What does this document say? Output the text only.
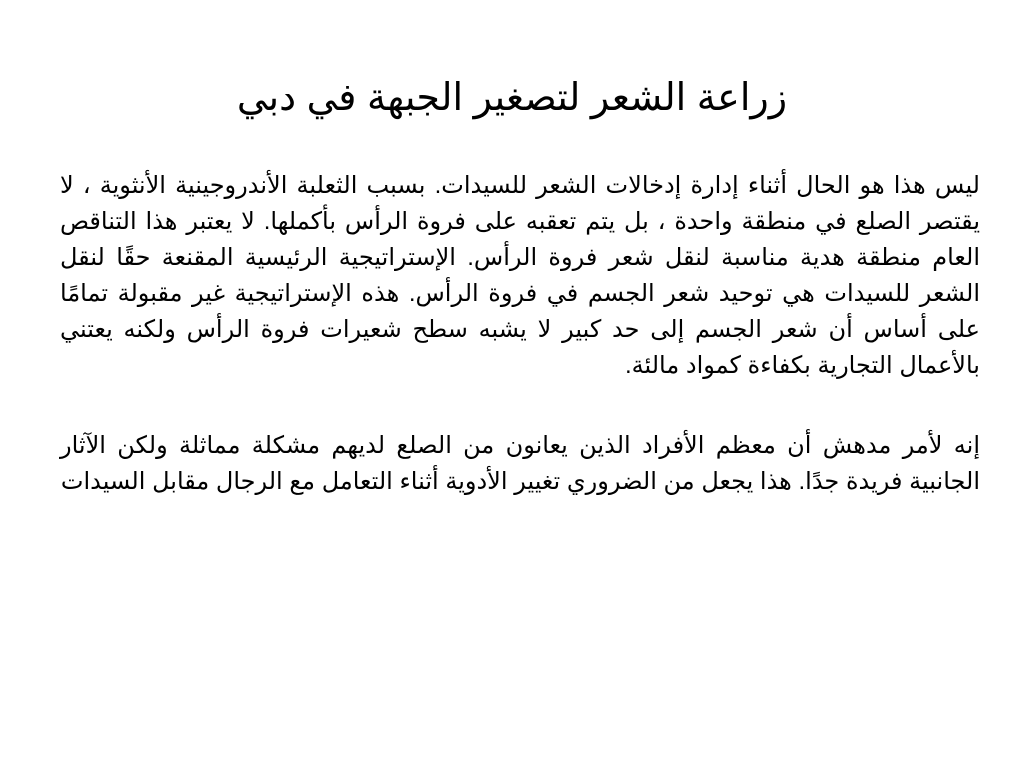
زراعة الشعر لتصغير الجبهة في دبي

ليس هذا هو الحال أثناء إدارة إدخالات الشعر للسيدات. بسبب الثعلبة الأندروجينية الأنثوية ، لا يقتصر الصلع في منطقة واحدة ، بل يتم تعقبه على فروة الرأس بأكملها. لا يعتبر هذا التناقص العام منطقة هدية مناسبة لنقل شعر فروة الرأس. الإستراتيجية الرئيسية المقنعة حقًا لنقل الشعر للسيدات هي توحيد شعر الجسم في فروة الرأس. هذه الإستراتيجية غير مقبولة تمامًا على أساس أن شعر الجسم إلى حد كبير لا يشبه سطح شعيرات فروة الرأس ولكنه يعتني بالأعمال التجارية بكفاءة كمواد مالئة.

إنه لأمر مدهش أن معظم الأفراد الذين يعانون من الصلع لديهم مشكلة مماثلة ولكن الآثار الجانبية فريدة جدًا. هذا يجعل من الضروري تغيير الأدوية أثناء التعامل مع الرجال مقابل السيدات
